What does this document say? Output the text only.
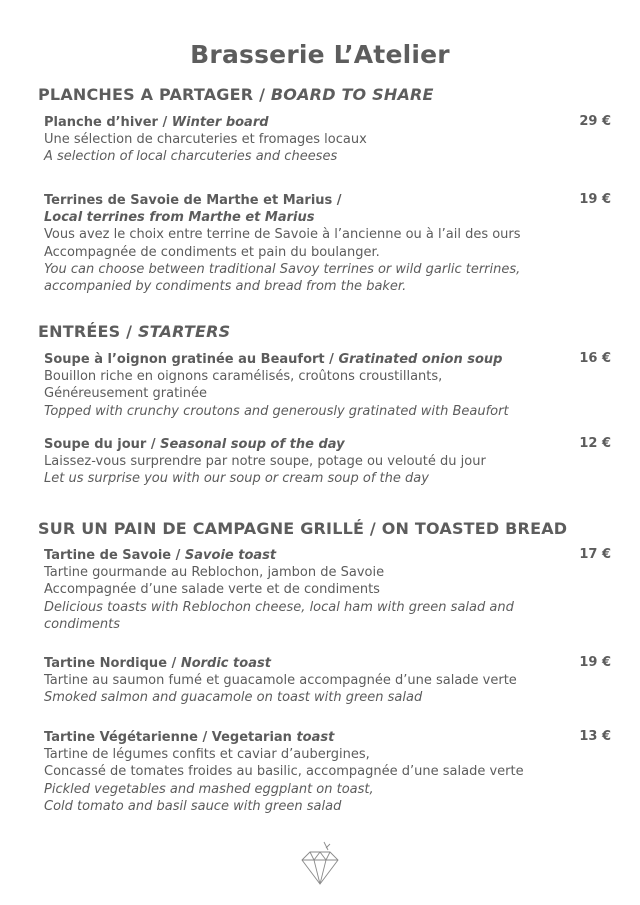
Brasserie L’Atelier
PLANCHES A PARTAGER / BOARD TO SHARE
Planche d’hiver / Winter board
Une sélection de charcuteries et fromages locaux
A selection of local charcuteries and cheeses
29 €
Terrines de Savoie de Marthe et Marius /
Local terrines from Marthe et Marius
Vous avez le choix entre terrine de Savoie à l’ancienne ou à l’ail des ours
Accompagnée de condiments et pain du boulanger.
You can choose between traditional Savoy terrines or wild garlic terrines,
accompanied by condiments and bread from the baker.
19 €
ENTRÉES / STARTERS
Soupe à l’oignon gratinée au Beaufort / Gratinated onion soup
Bouillon riche en oignons caramélisés, croûtons croustillants,
Généreusement gratinée
Topped with crunchy croutons and generously gratinated with Beaufort
16 €
Soupe du jour / Seasonal soup of the day
Laissez-vous surprendre par notre soupe, potage ou velouté du jour
Let us surprise you with our soup or cream soup of the day
12 €
SUR UN PAIN DE CAMPAGNE GRILLÉ / ON TOASTED BREAD
Tartine de Savoie / Savoie toast
Tartine gourmande au Reblochon, jambon de Savoie
Accompagnée d’une salade verte et de condiments
Delicious toasts with Reblochon cheese, local ham with green salad and
condiments
17 €
Tartine Nordique / Nordic toast
Tartine au saumon fumé et guacamole accompagnée d’une salade verte
Smoked salmon and guacamole on toast with green salad
19 €
Tartine Végétarienne / Vegetarian toast
Tartine de légumes confits et caviar d’aubergines,
Concassé de tomates froides au basilic, accompagnée d’une salade verte
Pickled vegetables and mashed eggplant on toast,
Cold tomato and basil sauce with green salad
13 €
